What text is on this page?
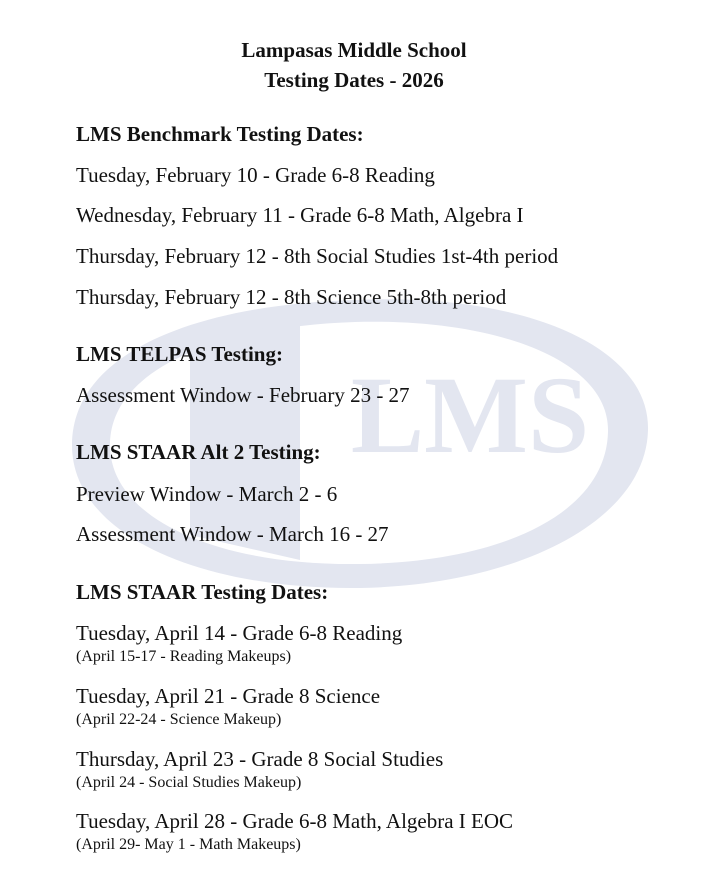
LMS
Lampasas Middle School
Testing Dates - 2026
LMS Benchmark Testing Dates:
Tuesday, February 10 - Grade 6-8 Reading
Wednesday, February 11 - Grade 6-8 Math, Algebra I
Thursday, February 12 - 8th Social Studies 1st-4th period
Thursday, February 12 - 8th Science 5th-8th period
LMS TELPAS Testing:
Assessment Window - February 23 - 27
LMS STAAR Alt 2 Testing:
Preview Window - March 2 - 6
Assessment Window - March 16 - 27
LMS STAAR Testing Dates:
Tuesday, April 14 - Grade 6-8 Reading
(April 15-17 - Reading Makeups)
Tuesday, April 21 - Grade 8 Science
(April 22-24 - Science Makeup)
Thursday, April 23 - Grade 8 Social Studies
(April 24 - Social Studies Makeup)
Tuesday, April 28 - Grade 6-8 Math, Algebra I EOC
(April 29- May 1 - Math Makeups)
